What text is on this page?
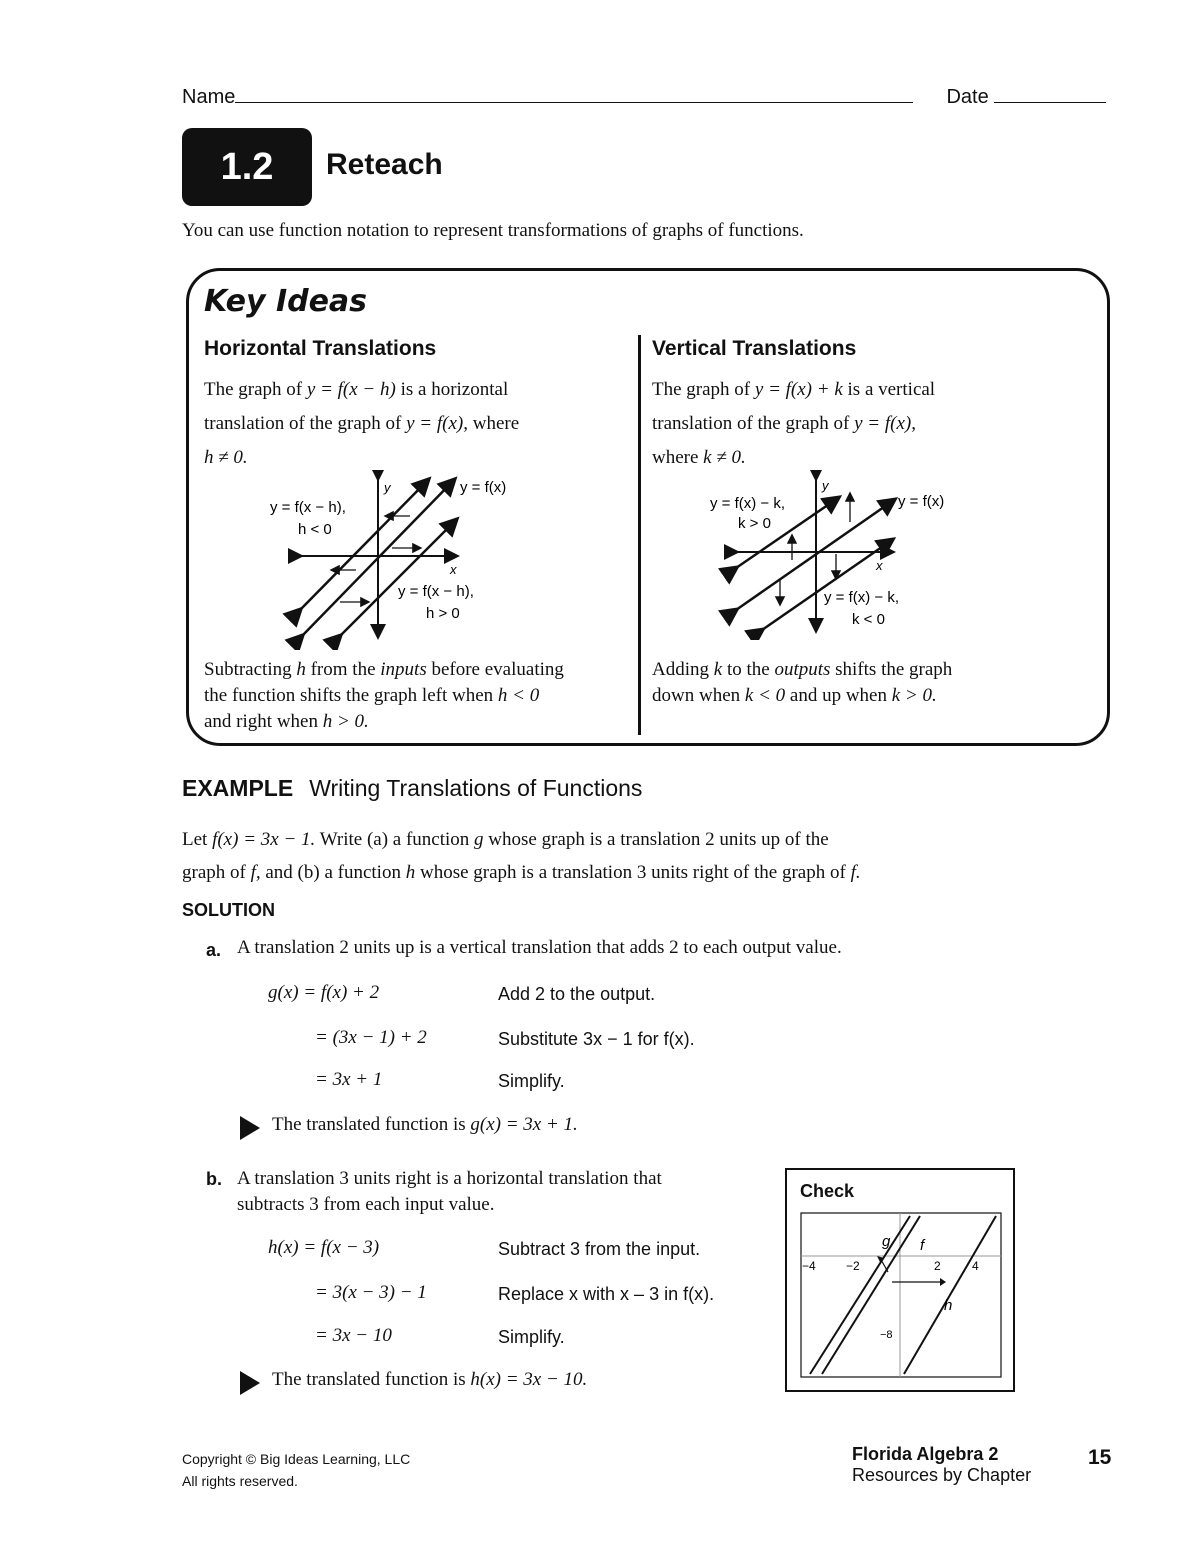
Name	Date
1.2	Reteach
You can use function notation to represent transformations of graphs of functions.
Key Ideas
Horizontal Translations
The graph of y = f(x − h) is a horizontal
translation of the graph of y = f(x), where
h ≠ 0.
y
x
y = f(x − h),
h < 0
y = f(x)
y = f(x − h),
h > 0
Subtracting h from the inputs before evaluating
the function shifts the graph left when h < 0
and right when h > 0.
Vertical Translations
The graph of y = f(x) + k is a vertical
translation of the graph of y = f(x),
where k ≠ 0.
y
x
y = f(x) − k,
k > 0
y = f(x)
y = f(x) − k,
k < 0
Adding k to the outputs shifts the graph
down when k < 0 and up when k > 0.
EXAMPLE Writing Translations of Functions
Let f(x) = 3x − 1. Write (a) a function g whose graph is a translation 2 units up of the
graph of f, and (b) a function h whose graph is a translation 3 units right of the graph of f.
SOLUTION
a. A translation 2 units up is a vertical translation that adds 2 to each output value.
g(x) = f(x) + 2	Add 2 to the output.
= (3x − 1) + 2	Substitute 3x − 1 for f(x).
= 3x + 1	Simplify.
The translated function is g(x) = 3x + 1.
b. A translation 3 units right is a horizontal translation that
subtracts 3 from each input value.
h(x) = f(x − 3)	Subtract 3 from the input.
= 3(x − 3) − 1	Replace x with x – 3 in f(x).
= 3x − 10	Simplify.
The translated function is h(x) = 3x − 10.
Check
−4	−2	2	4
−8
g f
h
Copyright © Big Ideas Learning, LLC
All rights reserved.
Florida Algebra 2
Resources by Chapter
15
